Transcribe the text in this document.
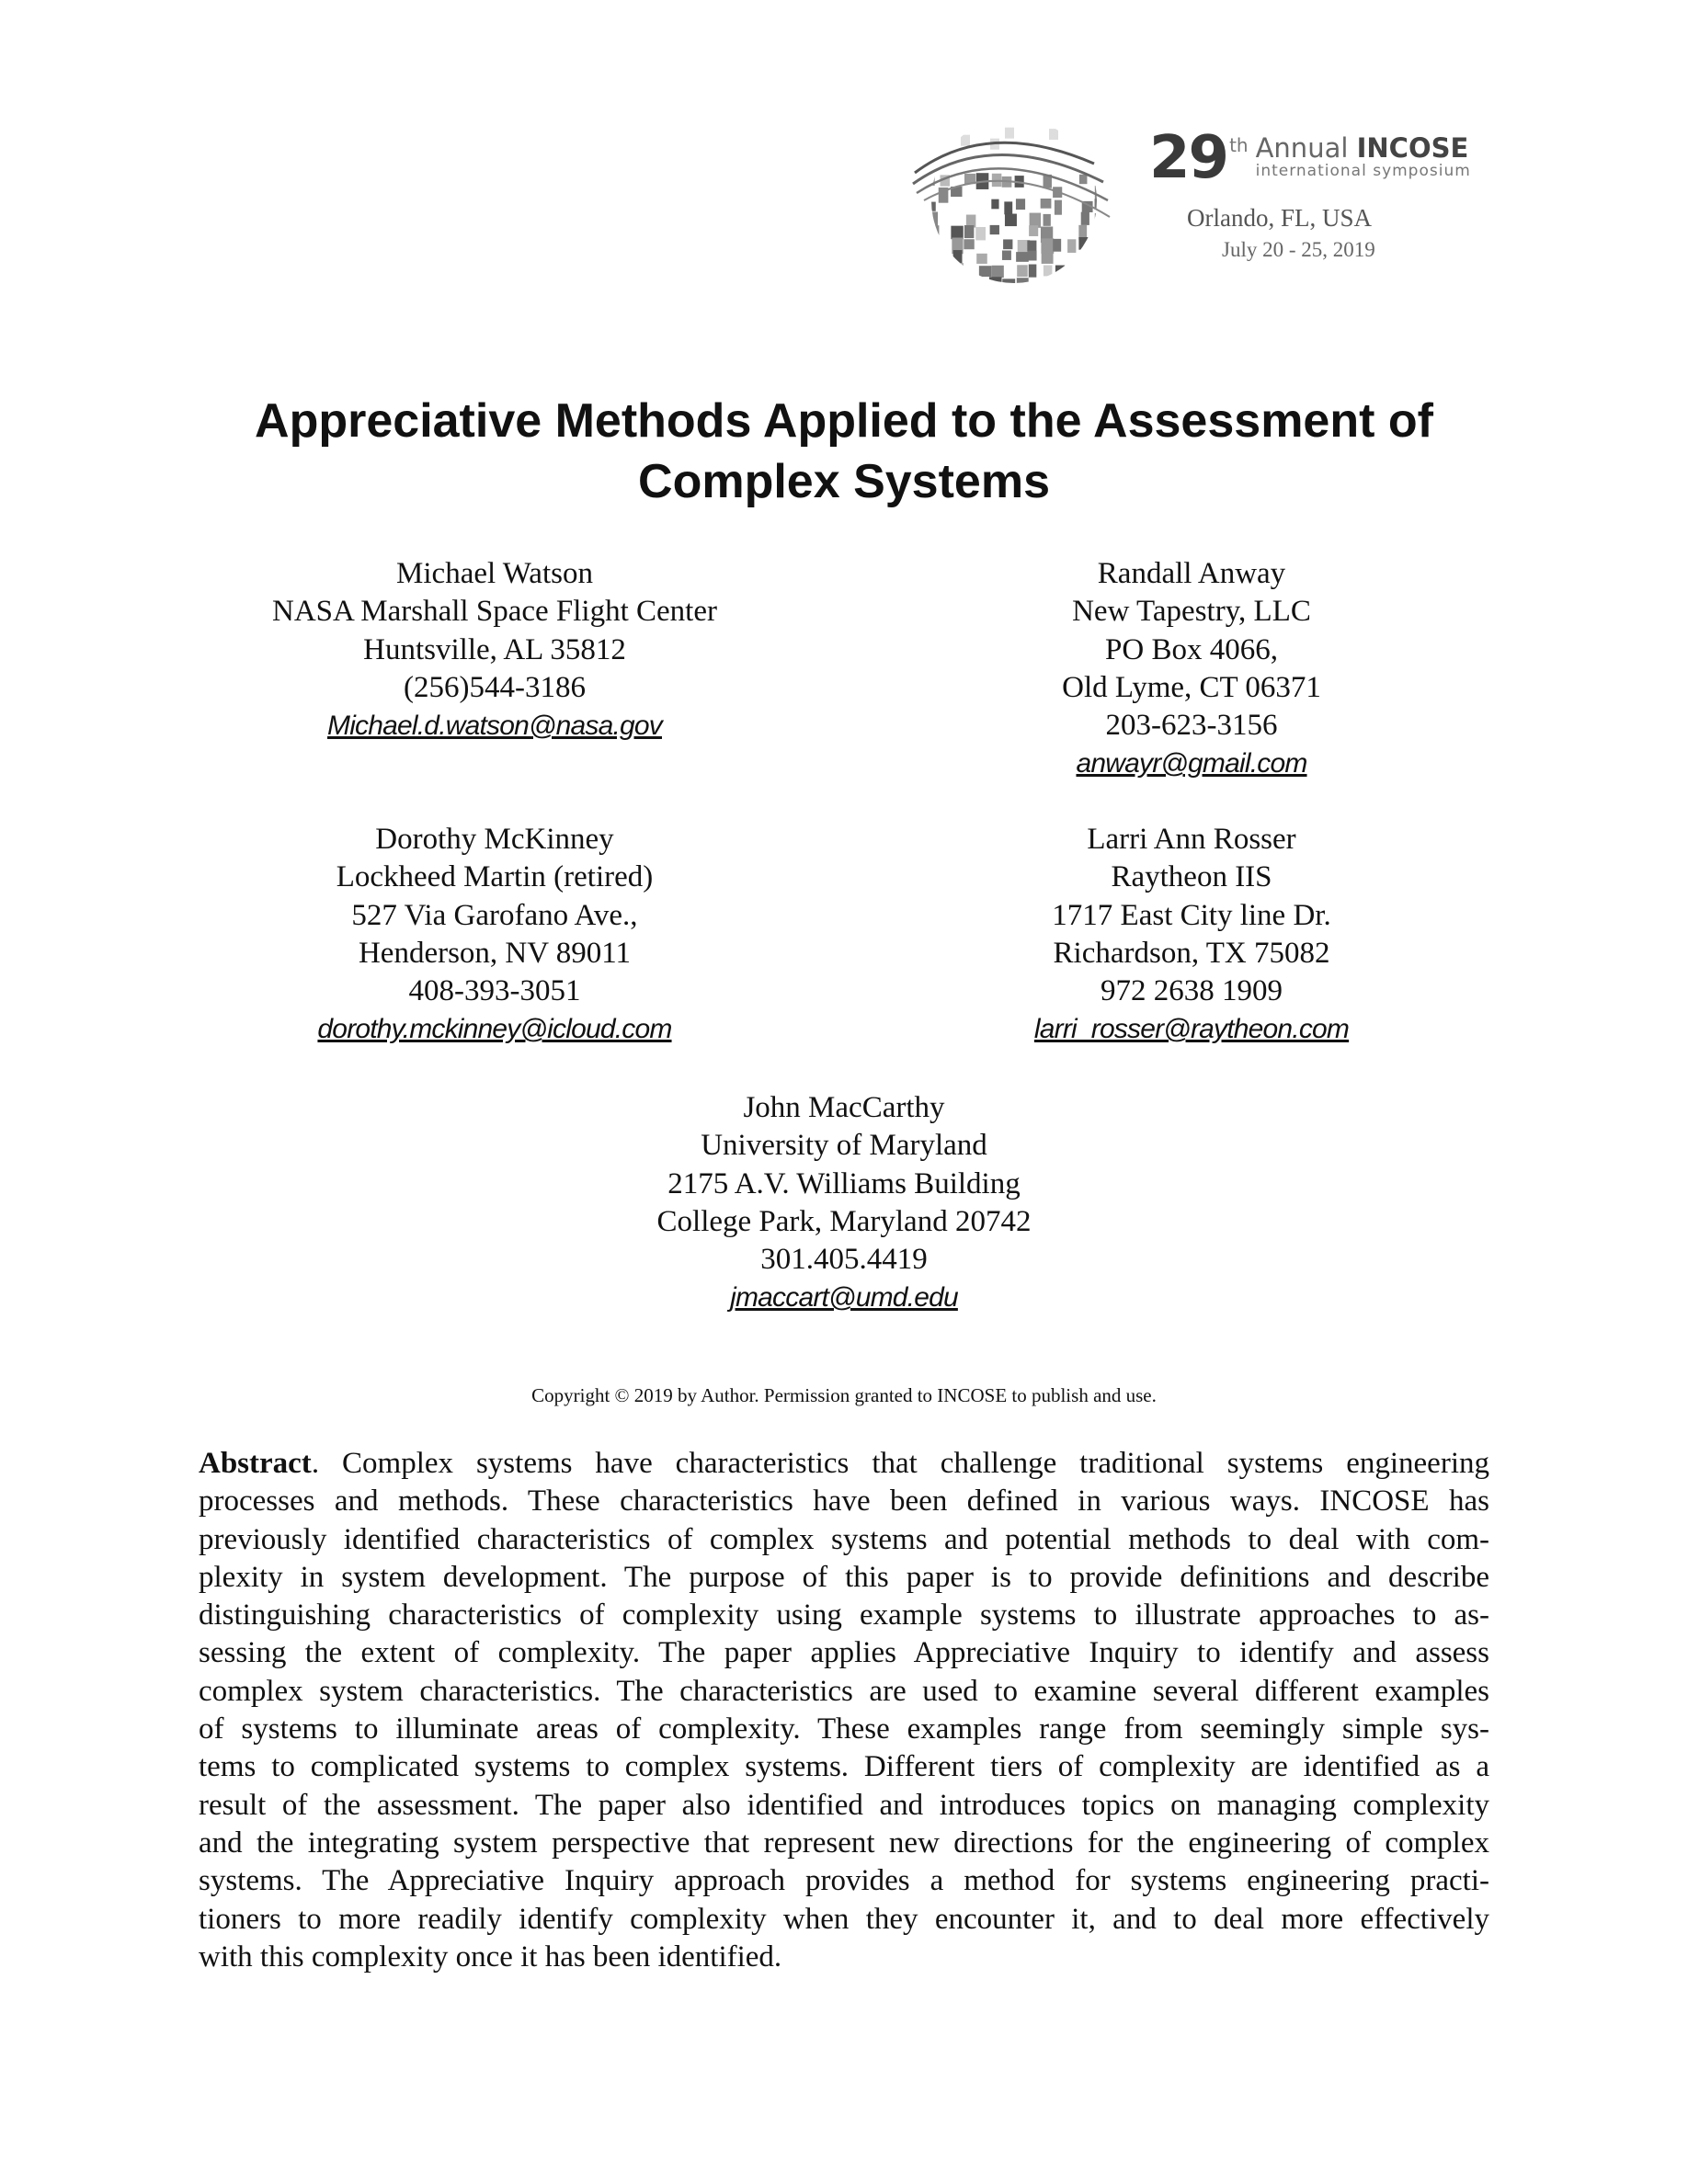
29 th Annual INCOSE
international symposium
Orlando, FL, USA
July 20 - 25, 2019
Appreciative Methods Applied to the Assessment of
Complex Systems
Michael Watson
NASA Marshall Space Flight Center
Huntsville, AL 35812
(256)544-3186
Michael.d.watson@nasa.gov
Randall Anway
New Tapestry, LLC
PO Box 4066,
Old Lyme, CT 06371
203-623-3156
anwayr@gmail.com
Dorothy McKinney
Lockheed Martin (retired)
527 Via Garofano Ave.,
Henderson, NV 89011
408-393-3051
dorothy.mckinney@icloud.com
Larri Ann Rosser
Raytheon IIS
1717 East City line Dr.
Richardson, TX 75082
972 2638 1909
larri_rosser@raytheon.com
John MacCarthy
University of Maryland
2175 A.V. Williams Building
College Park, Maryland 20742
301.405.4419
jmaccart@umd.edu
Copyright © 2019 by Author. Permission granted to INCOSE to publish and use.
Abstract. Complex systems have characteristics that challenge traditional systems engineering
processes and methods. These characteristics have been defined in various ways. INCOSE has
previously identified characteristics of complex systems and potential methods to deal with com-
plexity in system development. The purpose of this paper is to provide definitions and describe
distinguishing characteristics of complexity using example systems to illustrate approaches to as-
sessing the extent of complexity. The paper applies Appreciative Inquiry to identify and assess
complex system characteristics. The characteristics are used to examine several different examples
of systems to illuminate areas of complexity. These examples range from seemingly simple sys-
tems to complicated systems to complex systems. Different tiers of complexity are identified as a
result of the assessment. The paper also identified and introduces topics on managing complexity
and the integrating system perspective that represent new directions for the engineering of complex
systems. The Appreciative Inquiry approach provides a method for systems engineering practi-
tioners to more readily identify complexity when they encounter it, and to deal more effectively
with this complexity once it has been identified.
